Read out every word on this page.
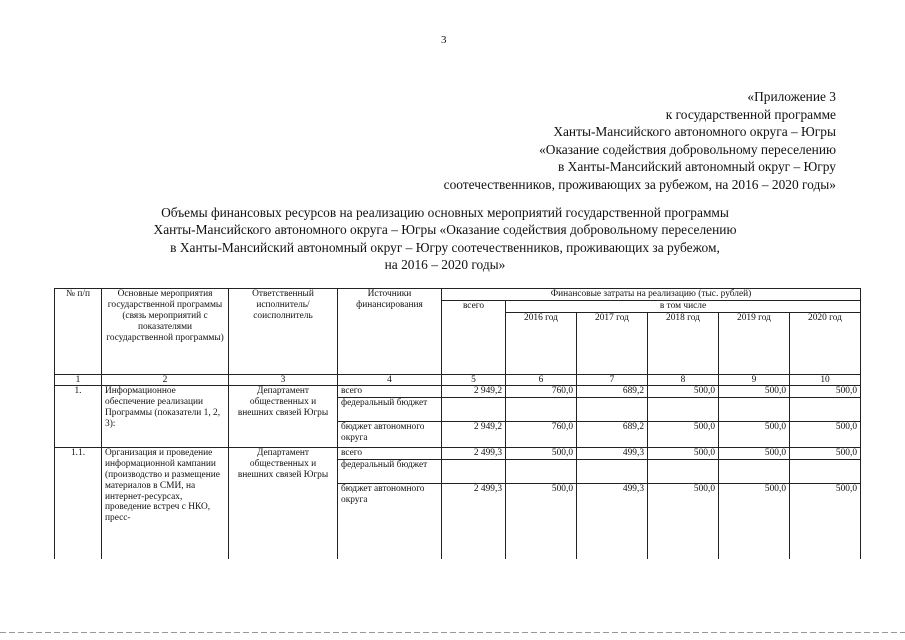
3
«Приложение 3
к государственной программе
Ханты-Мансийского автономного округа – Югры
«Оказание содействия добровольному переселению
в Ханты-Мансийский автономный округ – Югру
соотечественников, проживающих за рубежом, на 2016 – 2020 годы»
Объемы финансовых ресурсов на реализацию основных мероприятий государственной программы
Ханты-Мансийского автономного округа – Югры «Оказание содействия добровольному переселению
в Ханты-Мансийский автономный округ – Югру соотечественников, проживающих за рубежом,
на 2016 – 2020 годы»
№ п/п	Основные мероприятия государственной программы (связь мероприятий с показателями государственной программы)	Ответственный исполнитель/ соисполнитель	Источники финансирования	Финансовые затраты на реализацию (тыс. рублей)					
				всего	в том числе				
					2016 год	2017 год	2018 год	2019 год	2020 год
1	2	3	4	5	6	7	8	9	10
1.	Информационное обеспечение реализации Программы (показатели 1, 2, 3):	Департамент общественных и внешних связей Югры	всего	2 949,2	760,0	689,2	500,0	500,0	500,0
			федеральный бюджет						
			бюджет автономного округа	2 949,2	760,0	689,2	500,0	500,0	500,0
1.1.	Организация и проведение информационной кампании (производство и размещение материалов в СМИ, на интернет-ресурсах, проведение встреч с НКО, пресс-	Департамент общественных и внешних связей Югры	всего	2 499,3	500,0	499,3	500,0	500,0	500,0
			федеральный бюджет						
			бюджет автономного округа	2 499,3	500,0	499,3	500,0	500,0	500,0
